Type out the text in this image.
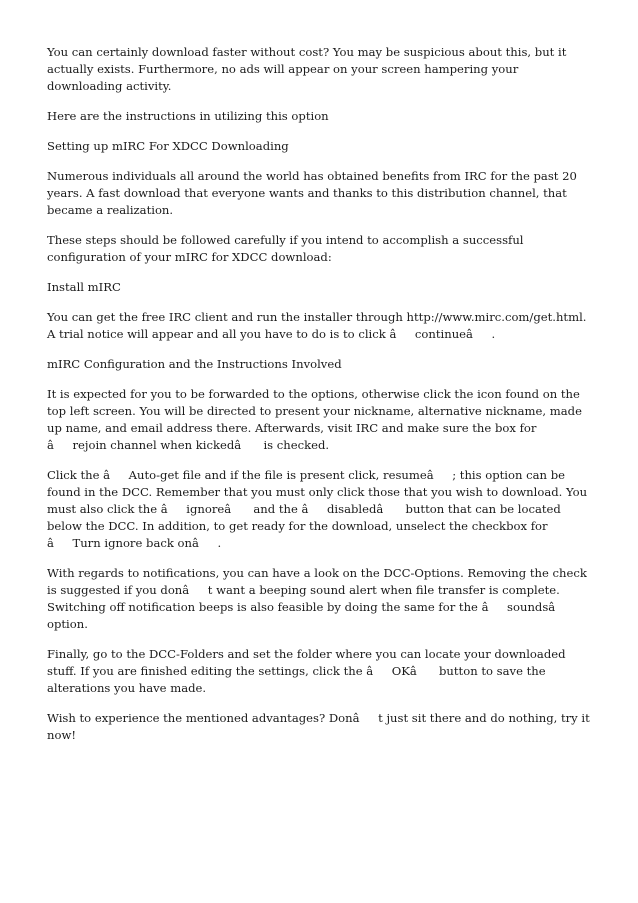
You can certainly download faster without cost? You may be suspicious about this, but it actually exists. Furthermore, no ads will appear on your screen hampering your downloading activity.

Here are the instructions in utilizing this option

Setting up mIRC For XDCC Downloading

Numerous individuals all around the world has obtained benefits from IRC for the past 20 years. A fast download that everyone wants and thanks to this distribution channel, that became a realization.

These steps should be followed carefully if you intend to accomplish a successful configuration of your mIRC for XDCC download:

Install mIRC

You can get the free IRC client and run the installer through http://www.mirc.com/get.html. A trial notice will appear and all you have to do is to click âcontinueâ.

mIRC Configuration and the Instructions Involved

It is expected for you to be forwarded to the options, otherwise click the icon found on the top left screen. You will be directed to present your nickname, alternative nickname, made up name, and email address there. Afterwards, visit IRC and make sure the box for ârejoin channel when kickedâ is checked.

Click the âAuto-get file and if the file is present click, resumeâ; this option can be found in the DCC. Remember that you must only click those that you wish to download. You must also click the âignoreâ and the âdisabledâ button that can be located below the DCC. In addition, to get ready for the download, unselect the checkbox for âTurn ignore back onâ.

With regards to notifications, you can have a look on the DCC-Options. Removing the check is suggested if you donât want a beeping sound alert when file transfer is complete. Switching off notification beeps is also feasible by doing the same for the âsoundsâ option.

Finally, go to the DCC-Folders and set the folder where you can locate your downloaded stuff. If you are finished editing the settings, click the âOKâ button to save the alterations you have made.

Wish to experience the mentioned advantages? Donât just sit there and do nothing, try it now!
